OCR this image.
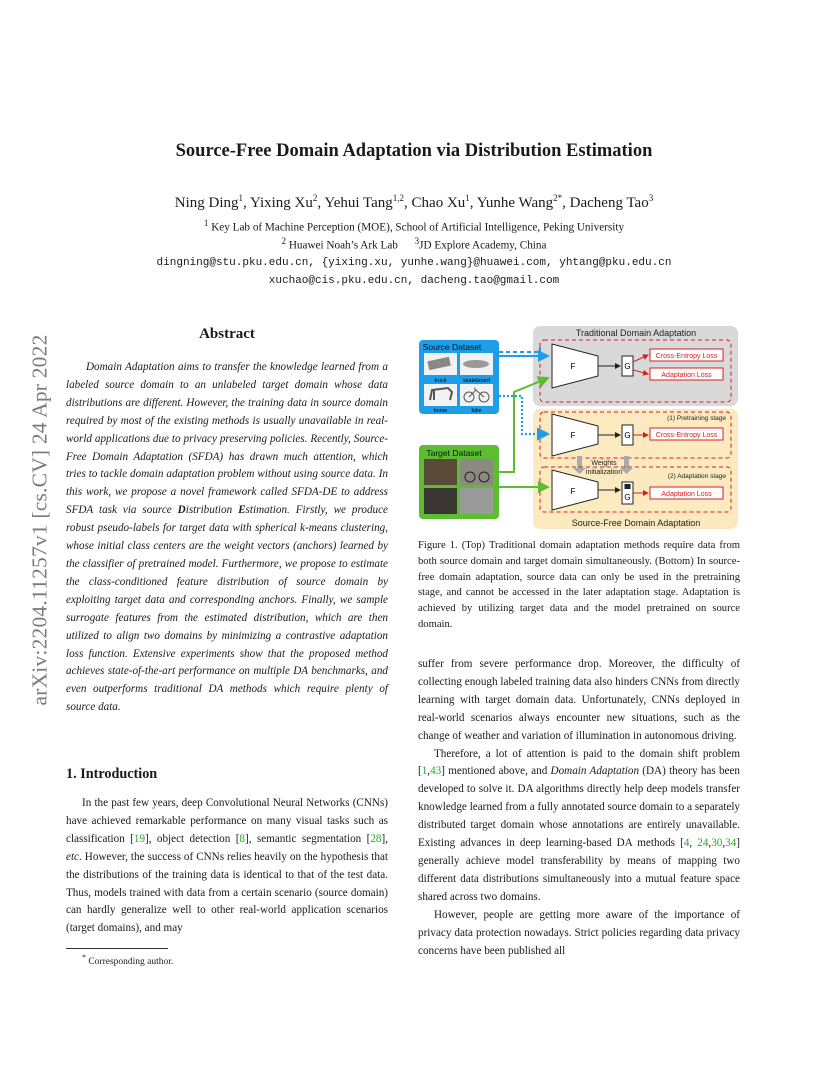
arXiv:2204.11257v1 [cs.CV] 24 Apr 2022
Source-Free Domain Adaptation via Distribution Estimation
Ning Ding$^1$, Yixing Xu$^2$, Yehui Tang$^{1,2}$, Chao Xu$^1$, Yunhe Wang$^{2*}$, Dacheng Tao$^3$
$^1$ Key Lab of Machine Perception (MOE), School of Artificial Intelligence, Peking University
$^2$ Huawei Noah’s Ark Lab $^3$JD Explore Academy, China
dingning@stu.pku.edu.cn, {yixing.xu, yunhe.wang}@huawei.com, yhtang@pku.edu.cn
xuchao@cis.pku.edu.cn, dacheng.tao@gmail.com
Abstract

Domain Adaptation aims to transfer the knowledge learned from a labeled source domain to an unlabeled target domain whose data distributions are different. However, the training data in source domain required by most of the existing methods is usually unavailable in real-world applications due to privacy preserving policies. Recently, Source-Free Domain Adaptation (SFDA) has drawn much attention, which tries to tackle domain adaptation problem without using source data. In this work, we propose a novel framework called SFDA-DE to address SFDA task via source Distribution Estimation. Firstly, we produce robust pseudo-labels for target data with spherical k-means clustering, whose initial class centers are the weight vectors (anchors) learned by the classifier of pretrained model. Furthermore, we propose to estimate the class-conditioned feature distribution of source domain by exploiting target data and corresponding anchors. Finally, we sample surrogate features from the estimated distribution, which are then utilized to align two domains by minimizing a contrastive adaptation loss function. Extensive experiments show that the proposed method achieves state-of-the-art performance on multiple DA benchmarks, and even outperforms traditional DA methods which require plenty of source data.

1. Introduction

In the past few years, deep Convolutional Neural Networks (CNNs) have achieved remarkable performance on many visual tasks such as classification [19], object detection [8], semantic segmentation [28], etc. However, the success of CNNs relies heavily on the hypothesis that the distributions of the training data is identical to that of the test data. Thus, models trained with data from a certain scenario (source domain) can hardly generalize well to other real-world application scenarios (target domains), and may

* Corresponding author.
Traditional Domain Adaptation
F	G
Cross-Entropy Loss
Adaptation Loss
(1) Pretraining stage
F	G	Cross-Entropy Loss
Weights
initialization
(2) Adaptation stage
F
G	Adaptation Loss
Source-Free Domain Adaptation
Source Dataset
truck	skateboard
horse	bike
Target Dataset
Figure 1. (Top) Traditional domain adaptation methods require data from both source domain and target domain simultaneously. (Bottom) In source-free domain adaptation, source data can only be used in the pretraining stage, and cannot be accessed in the later adaptation stage. Adaptation is achieved by utilizing target data and the model pretrained on source domain.

suffer from severe performance drop. Moreover, the difficulty of collecting enough labeled training data also hinders CNNs from directly learning with target domain data. Unfortunately, CNNs deployed in real-world scenarios always encounter new situations, such as the change of weather and variation of illumination in autonomous driving.

Therefore, a lot of attention is paid to the domain shift problem [1,43] mentioned above, and Domain Adaptation (DA) theory has been developed to solve it. DA algorithms directly help deep models transfer knowledge learned from a fully annotated source domain to a separately distributed target domain whose annotations are entirely unavailable. Existing advances in deep learning-based DA methods [4, 24,30,34] generally achieve model transferability by means of mapping two different data distributions simultaneously into a mutual feature space shared across two domains.

However, people are getting more aware of the importance of privacy data protection nowadays. Strict policies regarding data privacy concerns have been published all
